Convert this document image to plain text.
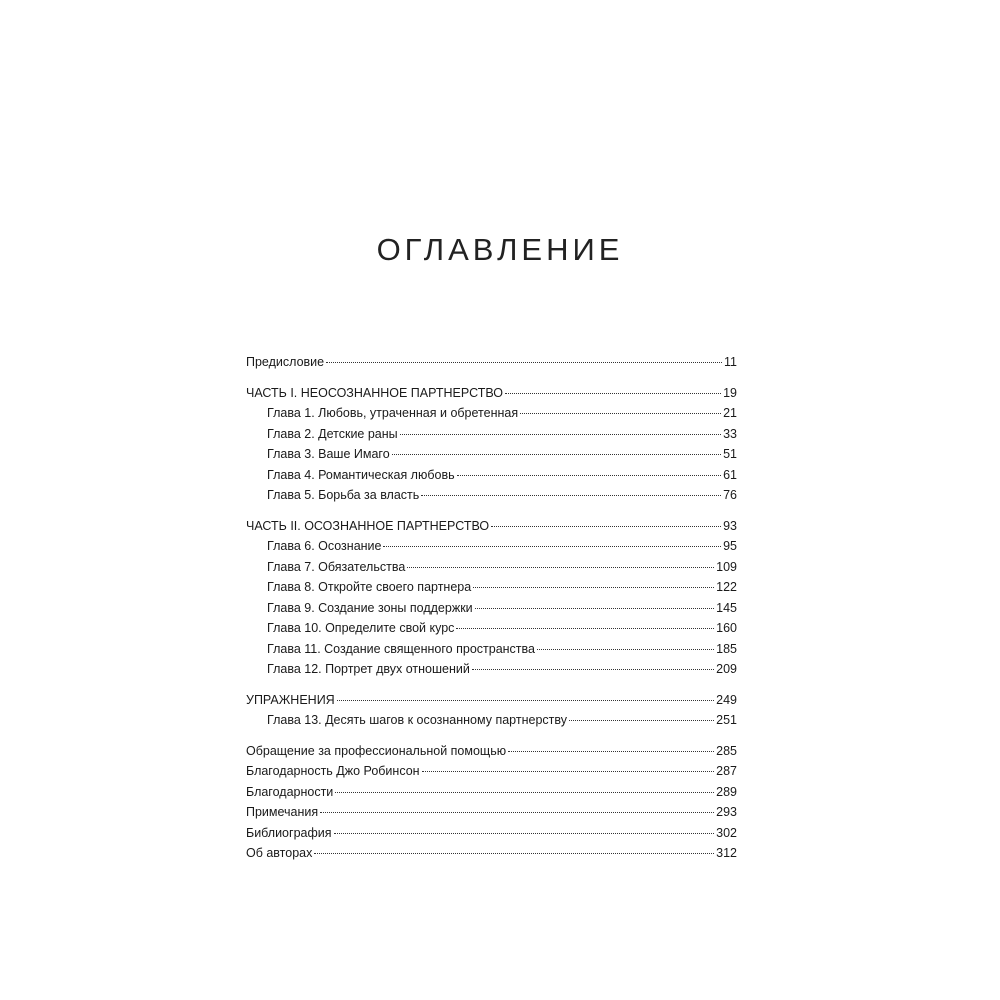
ОГЛАВЛЕНИЕ
Предисловие	11
ЧАСТЬ I. НЕОСОЗНАННОЕ ПАРТНЕРСТВО	19
Глава 1. Любовь, утраченная и обретенная	21
Глава 2. Детские раны	33
Глава 3. Ваше Имаго	51
Глава 4. Романтическая любовь	61
Глава 5. Борьба за власть	76
ЧАСТЬ II. ОСОЗНАННОЕ ПАРТНЕРСТВО	93
Глава 6. Осознание	95
Глава 7. Обязательства	109
Глава 8. Откройте своего партнера	122
Глава 9. Создание зоны поддержки	145
Глава 10. Определите свой курс	160
Глава 11. Создание священного пространства	185
Глава 12. Портрет двух отношений	209
УПРАЖНЕНИЯ	249
Глава 13. Десять шагов к осознанному партнерству	251
Обращение за профессиональной помощью	285
Благодарность Джо Робинсон	287
Благодарности	289
Примечания	293
Библиография	302
Об авторах	312
